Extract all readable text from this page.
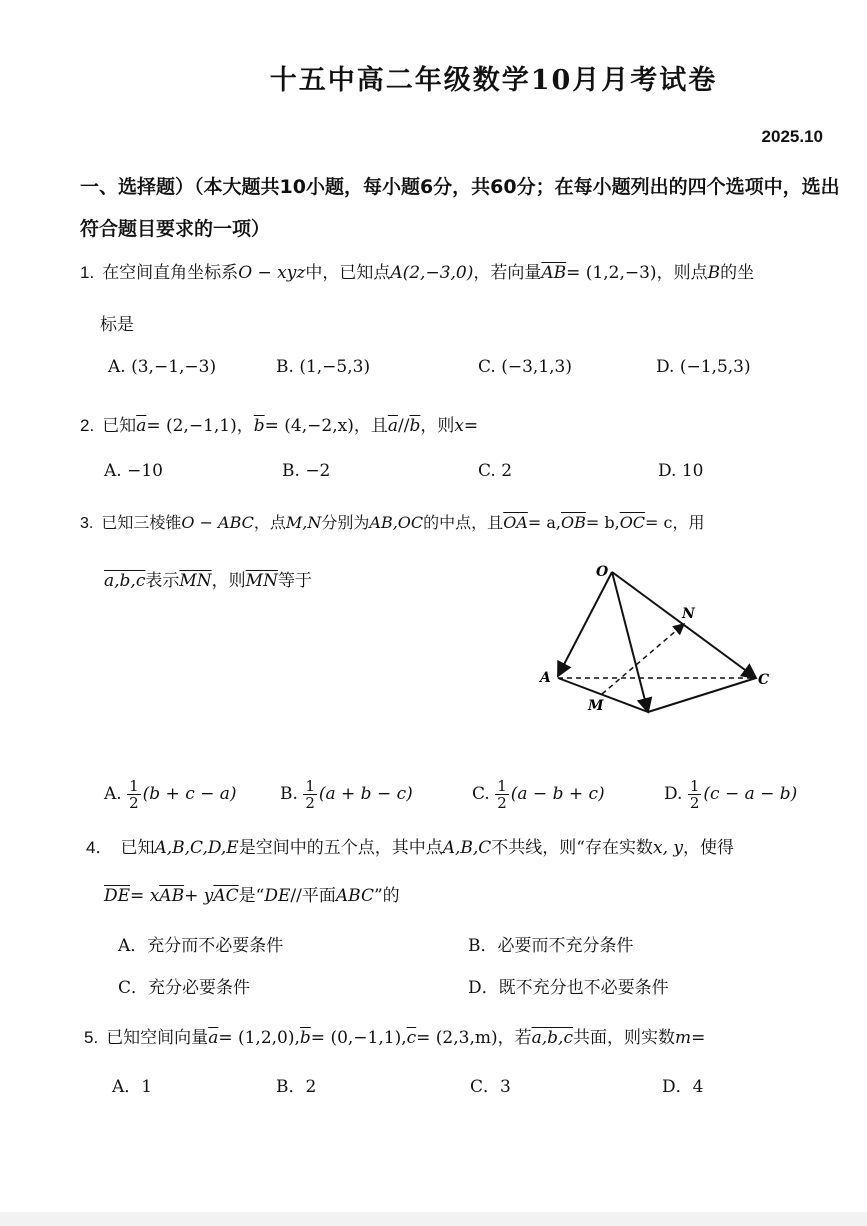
十五中高二年级数学10月月考试卷
2025.10
一、选择题）（本大题共10小题，每小题6分，共60分；在每小题列出的四个选项中，选出符合题目要求的一项）
1. 在空间直角坐标系O − xyz中，已知点A(2,−3,0)，若向量$\overline{AB}= (1,2,-3)$，则点B的坐
标是
A. (3,−1,−3)	B. (1,−5,3)	C. (−3,1,3)	D. (−1,5,3)
2. 已知$\overline{a}= (2,-1,1)$，$\overline{b}= (4,-2,x)$，且$\overline{a}//\overline{b}$，则x=
A. −10	B. −2	C. 2	D. 10
3. 已知三棱锥O − ABC，点M,N分别为AB,OC的中点，且$\overline{OA}= a,\overline{OB}= b,\overline{OC}= c$，用
a,b,c表示$\overline{MN}$，则$\overline{MN}$等于	O
N
A	C
M
A. $\frac{1}{2} (b + c - a)$	B. $\frac{1}{2} (a + b - c)$	C. $\frac{1}{2} (a - b + c)$	D. $\frac{1}{2} (c - a - b)$
4． 已知A,B,C,D,E是空间中的五个点，其中点A,B,C不共线，则“存在实数x, y，使得
$\overline{DE}= x\overline{AB}+ y\overline{AC}$是“DE//平面ABC”的
A．充分而不必要条件	B．必要而不充分条件
C．充分必要条件	D．既不充分也不必要条件
5. 已知空间向量$\overline{a}= (1,2,0),\overline{b}= (0,-1,1),\overline{c}= (2,3,m)$，若a,b,c共面，则实数m=
A．1	B．2	C．3	D．4
